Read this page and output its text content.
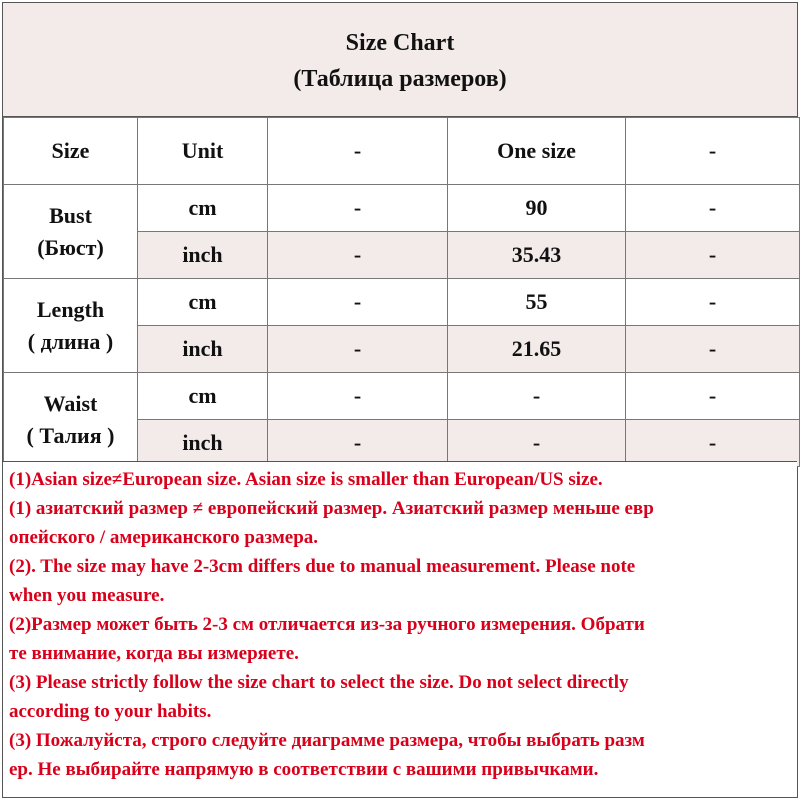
Size Chart
(Таблица размеров)
Size	Unit	-	One size	-

Bust
(Бюст)	cm	-	90	-
	inch	-	35.43	-

Length
( длина )	cm	-	55	-
	inch	-	21.65	-

Waist
( Талия )	cm	-	-	-
	inch	-	-	-
(1)Asian size≠European size. Asian size is smaller than European/US size.
(1) азиатский размер ≠ европейский размер. Азиатский размер меньше евр
опейского / американского размера.
(2). The size may have 2-3cm differs due to manual measurement. Please note
when you measure.
(2)Размер может быть 2-3 см отличается из-за ручного измерения. Обрати
те внимание, когда вы измеряете.
(3) Please strictly follow the size chart to select the size. Do not select directly
according to your habits.
(3) Пожалуйста, строго следуйте диаграмме размера, чтобы выбрать разм
ер. Не выбирайте напрямую в соответствии с вашими привычками.
